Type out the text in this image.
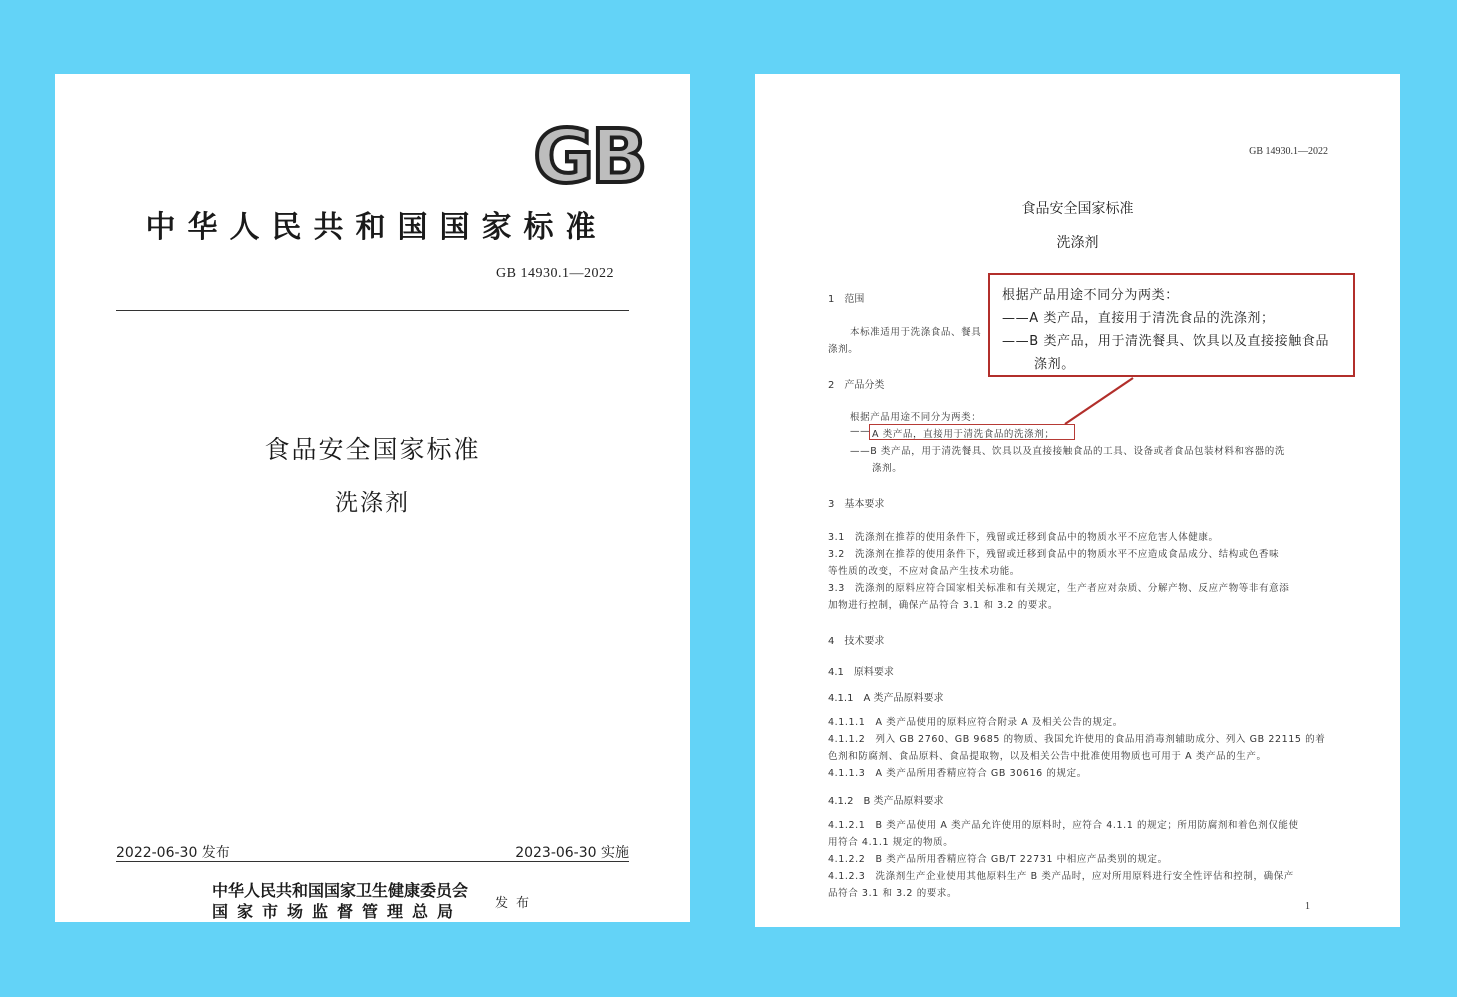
GB
中华人民共和国国家标准
GB 14930.1—2022
食品安全国家标准
洗涤剂
2022-06-30 发布	2023-06-30 实施
中华人民共和国国家卫生健康委员会
国家市场监督管理总局	发布
GB 14930.1—2022
食品安全国家标准
洗涤剂
1　范围
本标准适用于洗涤食品、餐具
涤剂。
2　产品分类
根据产品用途不同分为两类：
—— A 类产品，直接用于清洗食品的洗涤剂；
——B 类产品，用于清洗餐具、饮具以及直接接触食品的工具、设备或者食品包装材料和容器的洗
涤剂。
3　基本要求
3.1　洗涤剂在推荐的使用条件下，残留或迁移到食品中的物质水平不应危害人体健康。
3.2　洗涤剂在推荐的使用条件下，残留或迁移到食品中的物质水平不应造成食品成分、结构或色香味
等性质的改变，不应对食品产生技术功能。
3.3　洗涤剂的原料应符合国家相关标准和有关规定，生产者应对杂质、分解产物、反应产物等非有意添
加物进行控制，确保产品符合 3.1 和 3.2 的要求。
4　技术要求
4.1　原料要求
4.1.1　A 类产品原料要求
4.1.1.1　A 类产品使用的原料应符合附录 A 及相关公告的规定。
4.1.1.2　列入 GB 2760、GB 9685 的物质、我国允许使用的食品用消毒剂辅助成分、列入 GB 22115 的着
色剂和防腐剂、食品原料、食品提取物，以及相关公告中批准使用物质也可用于 A 类产品的生产。
4.1.1.3　A 类产品所用香精应符合 GB 30616 的规定。
4.1.2　B 类产品原料要求
4.1.2.1　B 类产品使用 A 类产品允许使用的原料时，应符合 4.1.1 的规定；所用防腐剂和着色剂仅能使
用符合 4.1.1 规定的物质。
4.1.2.2　B 类产品所用香精应符合 GB/T 22731 中相应产品类别的规定。
4.1.2.3　洗涤剂生产企业使用其他原料生产 B 类产品时，应对所用原料进行安全性评估和控制，确保产
品符合 3.1 和 3.2 的要求。
1
根据产品用途不同分为两类：
——A 类产品，直接用于清洗食品的洗涤剂；
——B 类产品，用于清洗餐具、饮具以及直接接触食品
涤剂。
